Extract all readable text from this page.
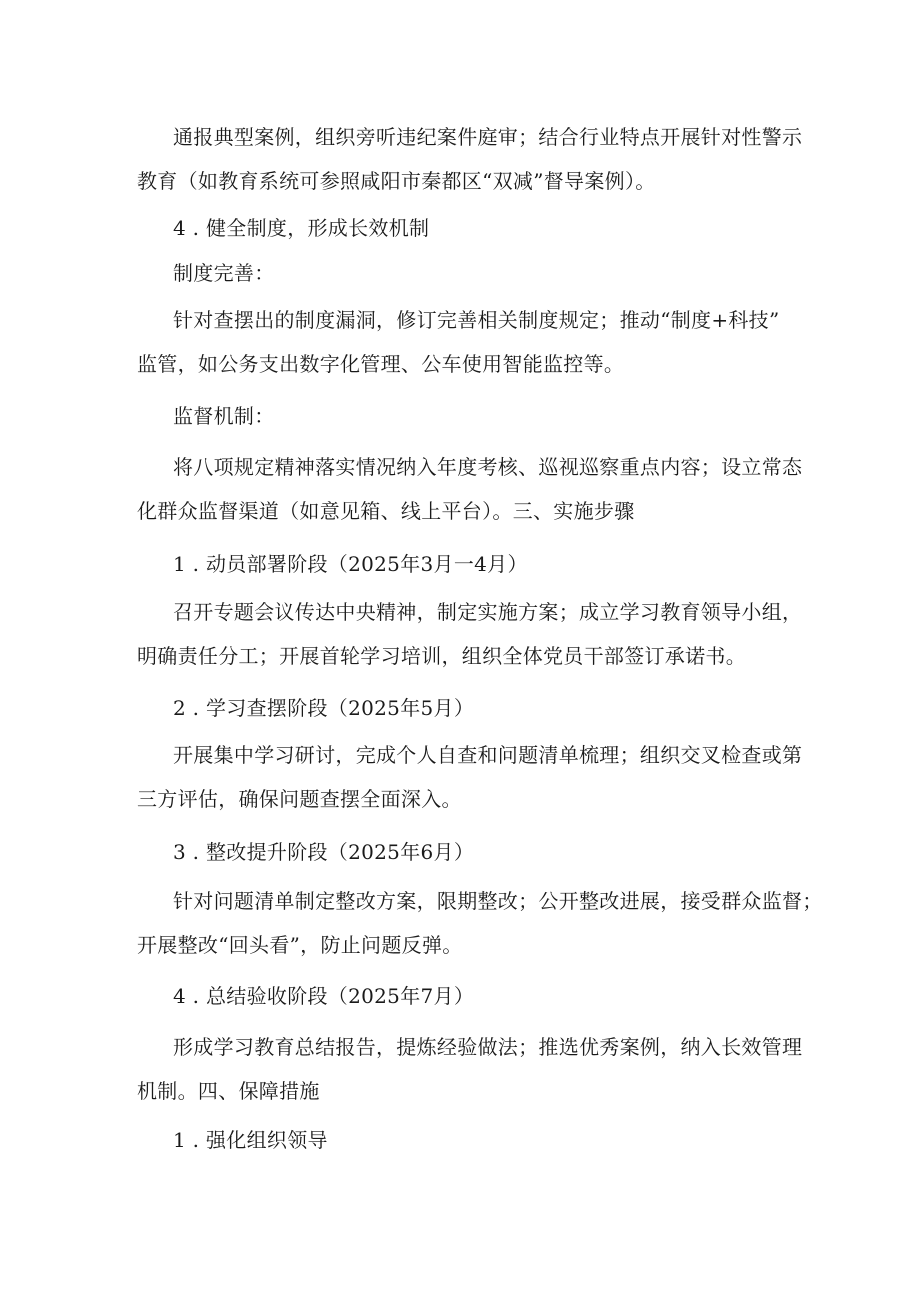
通报典型案例，组织旁听违纪案件庭审；结合行业特点开展针对性警示
教育（如教育系统可参照咸阳市秦都区“双减”督导案例）。
4 . 健全制度，形成长效机制
制度完善：
针对查摆出的制度漏洞，修订完善相关制度规定；推动“制度+科技”
监管，如公务支出数字化管理、公车使用智能监控等。
监督机制：
将八项规定精神落实情况纳入年度考核、巡视巡察重点内容；设立常态
化群众监督渠道（如意见箱、线上平台）。三、实施步骤
1 . 动员部署阶段（2025年3月一4月）
召开专题会议传达中央精神，制定实施方案；成立学习教育领导小组，
明确责任分工；开展首轮学习培训，组织全体党员干部签订承诺书。
2 . 学习查摆阶段（2025年5月）
开展集中学习研讨，完成个人自查和问题清单梳理；组织交叉检查或第
三方评估，确保问题查摆全面深入。
3 . 整改提升阶段（2025年6月）
针对问题清单制定整改方案，限期整改；公开整改进展，接受群众监督；
开展整改“回头看”，防止问题反弹。
4 . 总结验收阶段（2025年7月）
形成学习教育总结报告，提炼经验做法；推选优秀案例，纳入长效管理
机制。四、保障措施
1 . 强化组织领导
